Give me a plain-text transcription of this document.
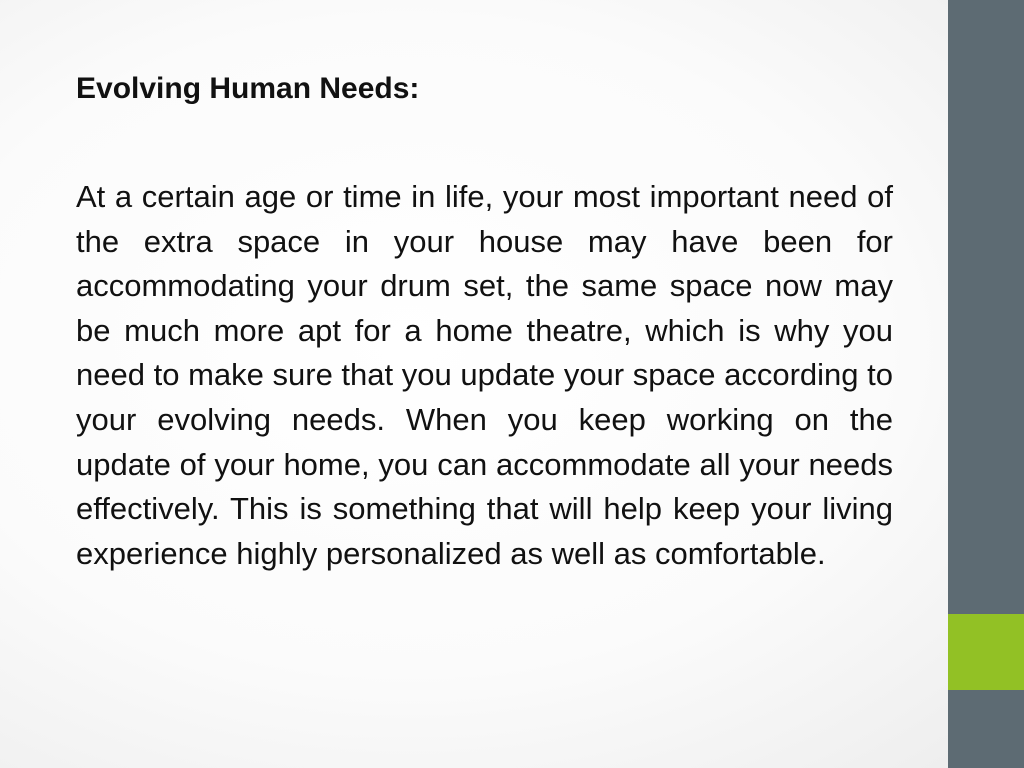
Evolving Human Needs:

At a certain age or time in life, your most important need of the extra space in your house may have been for accommodating your drum set, the same space now may be much more apt for a home theatre, which is why you need to make sure that you update your space according to your evolving needs. When you keep working on the update of your home, you can accommodate all your needs effectively. This is something that will help keep your living experience highly personalized as well as comfortable.
